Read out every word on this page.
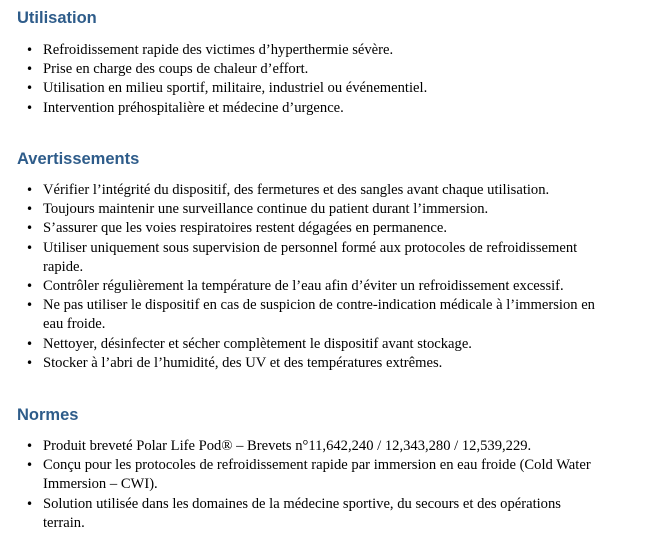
Utilisation
• Refroidissement rapide des victimes d’hyperthermie sévère.
• Prise en charge des coups de chaleur d’effort.
• Utilisation en milieu sportif, militaire, industriel ou événementiel.
• Intervention préhospitalière et médecine d’urgence.
Avertissements
• Vérifier l’intégrité du dispositif, des fermetures et des sangles avant chaque utilisation.
• Toujours maintenir une surveillance continue du patient durant l’immersion.
• S’assurer que les voies respiratoires restent dégagées en permanence.
• Utiliser uniquement sous supervision de personnel formé aux protocoles de refroidissement rapide.
• Contrôler régulièrement la température de l’eau afin d’éviter un refroidissement excessif.
• Ne pas utiliser le dispositif en cas de suspicion de contre-indication médicale à l’immersion en eau froide.
• Nettoyer, désinfecter et sécher complètement le dispositif avant stockage.
• Stocker à l’abri de l’humidité, des UV et des températures extrêmes.
Normes
• Produit breveté Polar Life Pod® – Brevets n°11,642,240 / 12,343,280 / 12,539,229.
• Conçu pour les protocoles de refroidissement rapide par immersion en eau froide (Cold Water Immersion – CWI).
• Solution utilisée dans les domaines de la médecine sportive, du secours et des opérations terrain.
